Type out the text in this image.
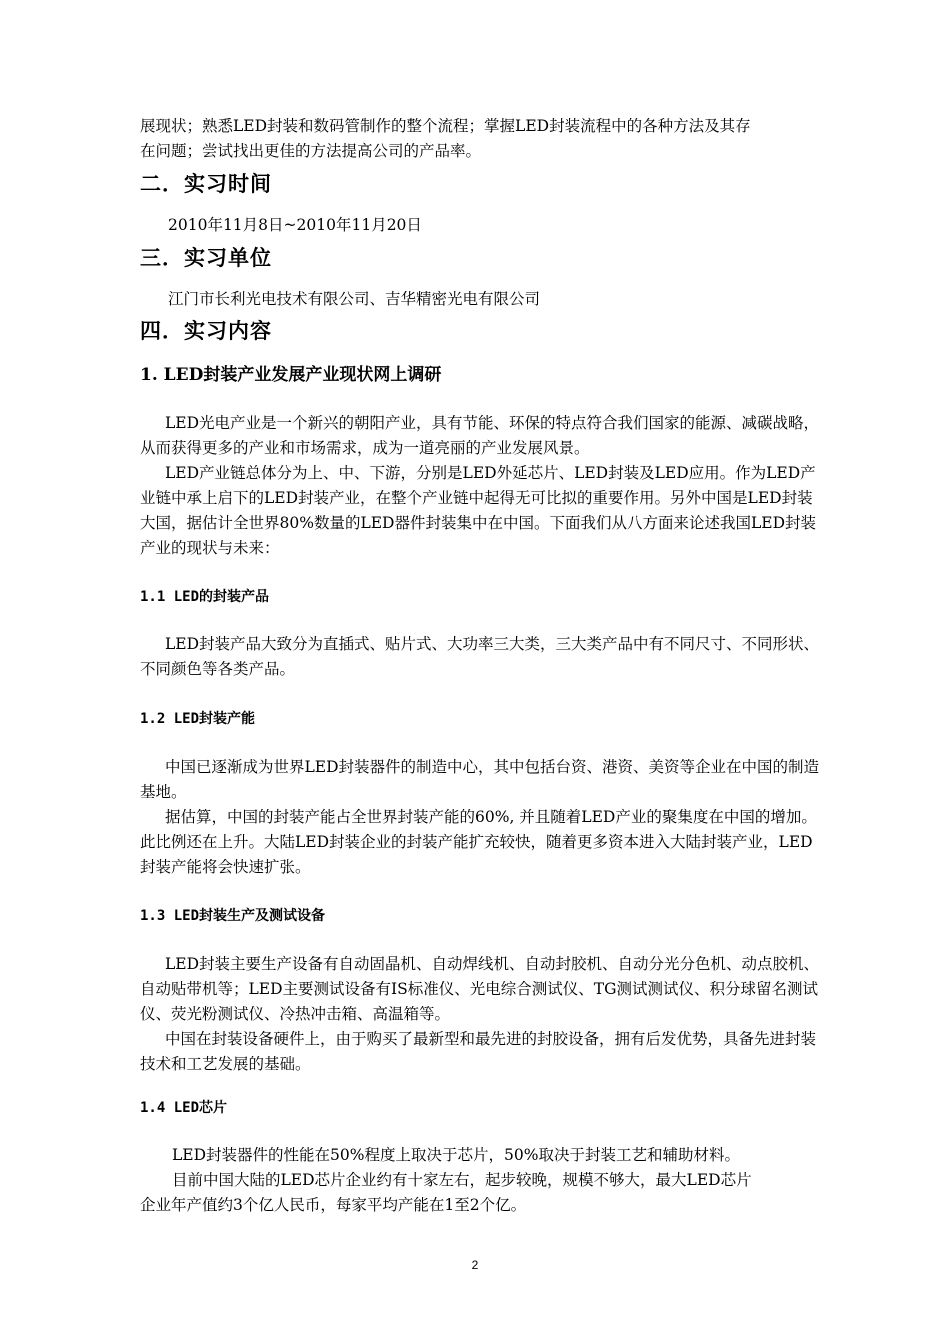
展现状；熟悉LED封装和数码管制作的整个流程；掌握LED封装流程中的各种方法及其存

在问题；尝试找出更佳的方法提高公司的产品率。

二．实习时间

2010年11月8日~2010年11月20日

三．实习单位

江门市长利光电技术有限公司、吉华精密光电有限公司

四．实习内容
1. LED封装产业发展产业现状网上调研

LED光电产业是一个新兴的朝阳产业，具有节能、环保的特点符合我们国家的能源、减碳战略，从而获得更多的产业和市场需求，成为一道亮丽的产业发展风景。

LED产业链总体分为上、中、下游，分别是LED外延芯片、LED封装及LED应用。作为LED产业链中承上启下的LED封装产业，在整个产业链中起得无可比拟的重要作用。另外中国是LED封装大国，据估计全世界80%数量的LED器件封装集中在中国。下面我们从八方面来论述我国LED封装产业的现状与未来：

1.1 LED的封装产品

LED封装产品大致分为直插式、贴片式、大功率三大类，三大类产品中有不同尺寸、不同形状、不同颜色等各类产品。

1.2 LED封装产能

中国已逐渐成为世界LED封装器件的制造中心，其中包括台资、港资、美资等企业在中国的制造基地。

据估算，中国的封装产能占全世界封装产能的60%, 并且随着LED产业的聚集度在中国的增加。此比例还在上升。大陆LED封装企业的封装产能扩充较快，随着更多资本进入大陆封装产业，LED封装产能将会快速扩张。

1.3 LED封装生产及测试设备

LED封装主要生产设备有自动固晶机、自动焊线机、自动封胶机、自动分光分色机、动点胶机、自动贴带机等；LED主要测试设备有IS标准仪、光电综合测试仪、TG测试测试仪、积分球留名测试仪、荧光粉测试仪、冷热冲击箱、高温箱等。

中国在封装设备硬件上，由于购买了最新型和最先进的封胶设备，拥有后发优势，具备先进封装技术和工艺发展的基础。

1.4 LED芯片

LED封装器件的性能在50%程度上取决于芯片，50%取决于封装工艺和辅助材料。

目前中国大陆的LED芯片企业约有十家左右，起步较晚，规模不够大，最大LED芯片

企业年产值约3个亿人民币，每家平均产能在1至2个亿。

2
